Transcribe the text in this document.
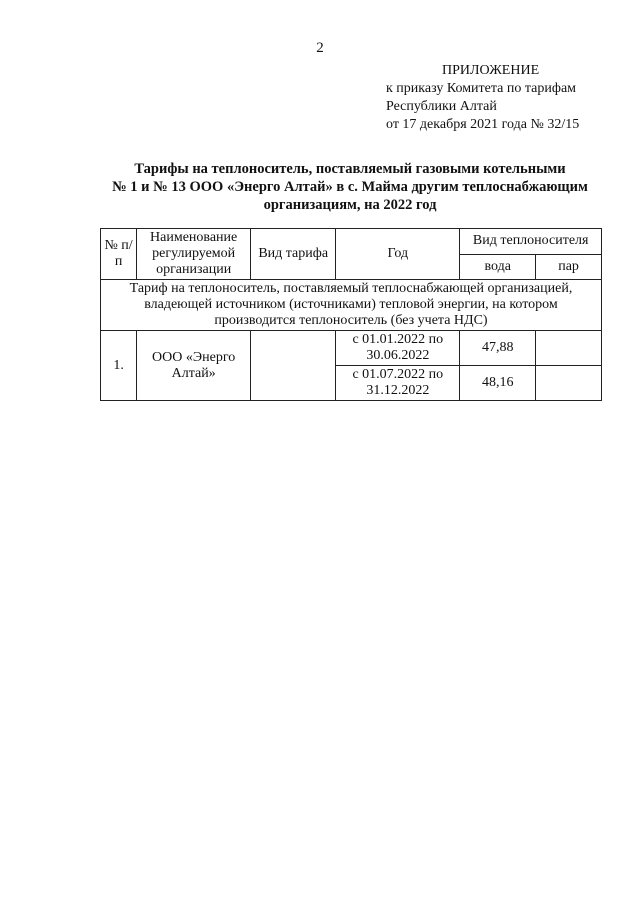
2
ПРИЛОЖЕНИЕ
к приказу Комитета по тарифам
Республики Алтай
от 17 декабря 2021 года № 32/15
Тарифы на теплоноситель, поставляемый газовыми котельными
№ 1 и № 13 ООО «Энерго Алтай» в с. Майма другим теплоснабжающим
организациям, на 2022 год
№ п/п	Наименование регулируемой организации	Вид тарифа	Год	Вид теплоносителя	
				вода	пар
Тариф на теплоноситель, поставляемый теплоснабжающей организацией, владеющей источником (источниками) тепловой энергии, на котором производится теплоноситель (без учета НДС)					
1.	ООО «Энерго Алтай»		с 01.01.2022 по 30.06.2022	47,88	
			с 01.07.2022 по 31.12.2022	48,16	
